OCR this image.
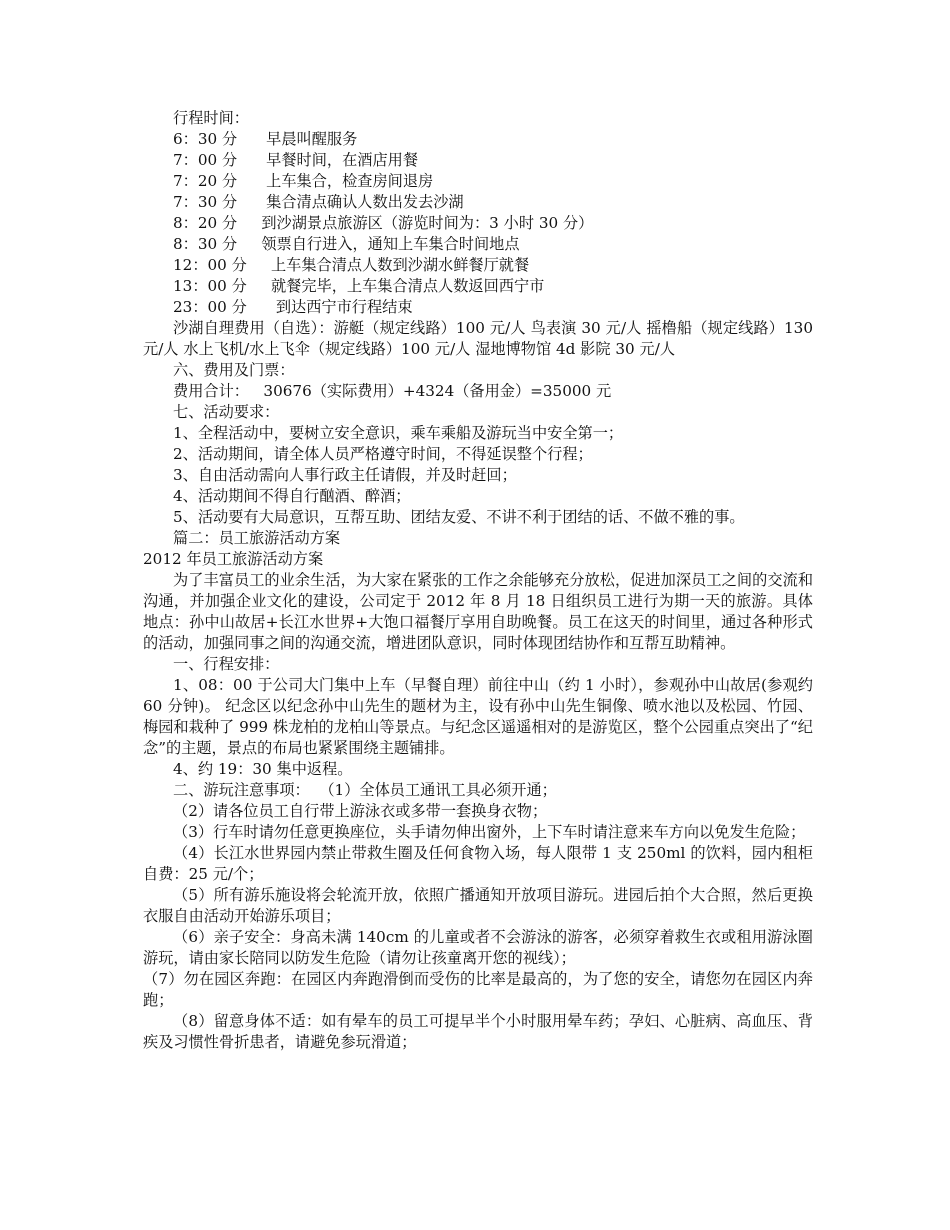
行程时间：
6：30 分      早晨叫醒服务
7：00 分      早餐时间，在酒店用餐
7：20 分      上车集合，检查房间退房
7：30 分      集合清点确认人数出发去沙湖
8：20 分     到沙湖景点旅游区（游览时间为：3 小时 30 分）
8：30 分     领票自行进入，通知上车集合时间地点
12：00 分     上车集合清点人数到沙湖水鲜餐厅就餐
13：00 分     就餐完毕，上车集合清点人数返回西宁市
23：00 分      到达西宁市行程结束
沙湖自理费用（自选）：游艇（规定线路）100 元/人 鸟表演 30 元/人 摇橹船（规定线路）130 元/人 水上飞机/水上飞伞（规定线路）100 元/人 湿地博物馆 4d 影院 30 元/人
六、费用及门票：
费用合计：   30676（实际费用）+4324（备用金）=35000 元
七、活动要求：
1、全程活动中，要树立安全意识，乘车乘船及游玩当中安全第一；
2、活动期间，请全体人员严格遵守时间，不得延误整个行程；
3、自由活动需向人事行政主任请假，并及时赶回；
4、活动期间不得自行酗酒、醉酒；
5、活动要有大局意识，互帮互助、团结友爱、不讲不利于团结的话、不做不雅的事。
篇二：员工旅游活动方案
2012 年员工旅游活动方案
为了丰富员工的业余生活，为大家在紧张的工作之余能够充分放松，促进加深员工之间的交流和沟通，并加强企业文化的建设，公司定于 2012 年 8 月 18 日组织员工进行为期一天的旅游。具体地点：孙中山故居+长江水世界+大饱口福餐厅享用自助晚餐。员工在这天的时间里，通过各种形式的活动，加强同事之间的沟通交流，增进团队意识，同时体现团结协作和互帮互助精神。
一、行程安排：
1、08：00 于公司大门集中上车（早餐自理）前往中山（约 1 小时），参观孙中山故居(参观约 60 分钟)。 纪念区以纪念孙中山先生的题材为主，设有孙中山先生铜像、喷水池以及松园、竹园、梅园和栽种了 999 株龙柏的龙柏山等景点。与纪念区遥遥相对的是游览区，整个公园重点突出了“纪念”的主题，景点的布局也紧紧围绕主题铺排。
4、约 19：30 集中返程。
二、游玩注意事项：  （1）全体员工通讯工具必须开通；
（2）请各位员工自行带上游泳衣或多带一套换身衣物；
（3）行车时请勿任意更换座位，头手请勿伸出窗外，上下车时请注意来车方向以免发生危险；
（4）长江水世界园内禁止带救生圈及任何食物入场，每人限带 1 支 250ml 的饮料，园内租柜自费：25 元/个；
（5）所有游乐施设将会轮流开放，依照广播通知开放项目游玩。进园后拍个大合照，然后更换衣服自由活动开始游乐项目；
（6）亲子安全：身高未满 140cm 的儿童或者不会游泳的游客，必须穿着救生衣或租用游泳圈游玩，请由家长陪同以防发生危险（请勿让孩童离开您的视线）；
（7）勿在园区奔跑：在园区内奔跑滑倒而受伤的比率是最高的，为了您的安全，请您勿在园区内奔跑；
（8）留意身体不适：如有晕车的员工可提早半个小时服用晕车药；孕妇、心脏病、高血压、背疾及习惯性骨折患者，请避免参玩滑道；
